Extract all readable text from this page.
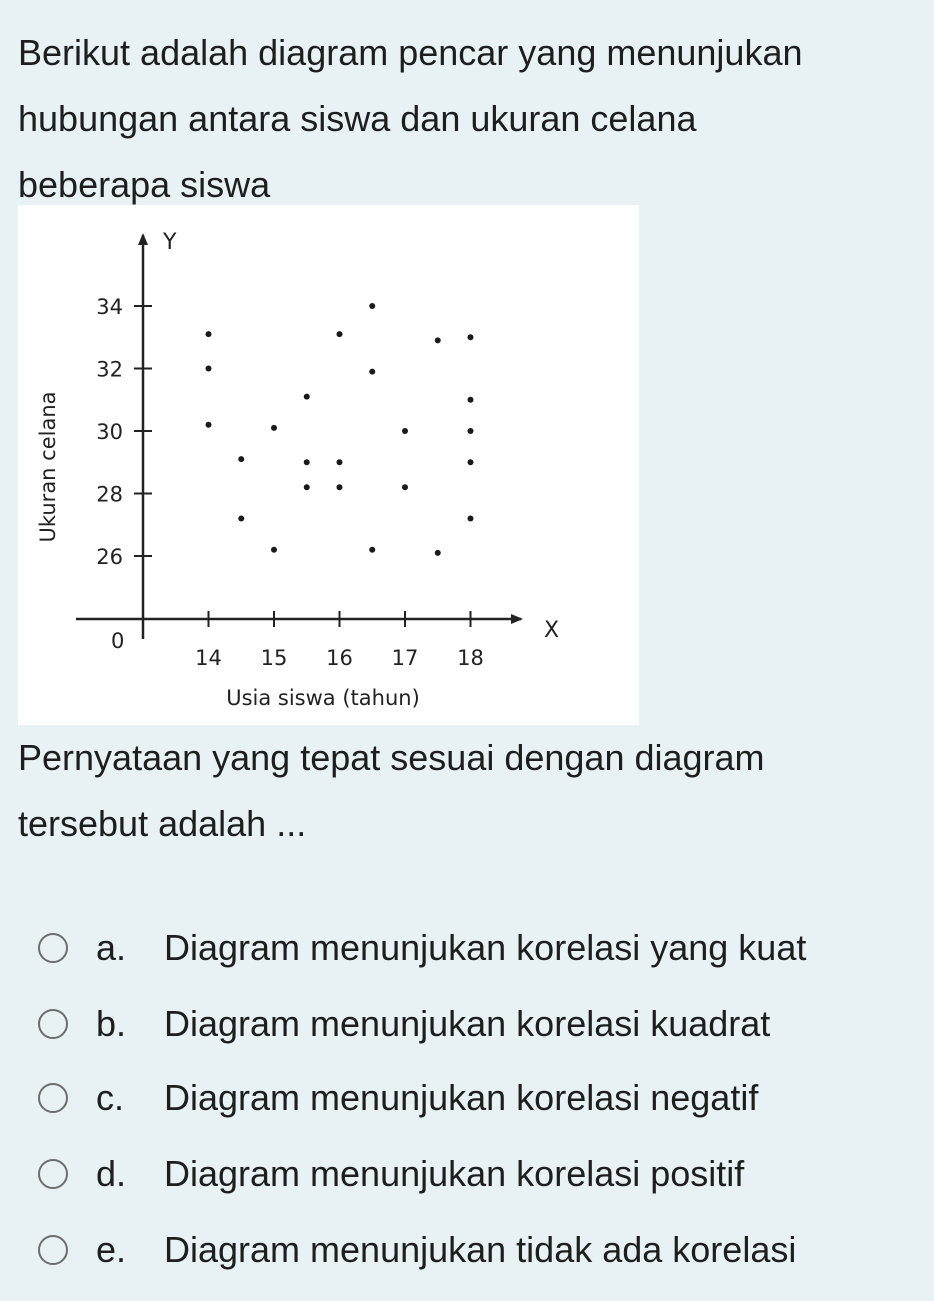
Berikut adalah diagram pencar yang menunjukan
hubungan antara siswa dan ukuran celana
beberapa siswa
Y
X
0
Usia siswa (tahun)
Ukuran celana
14 15 16 17 18
26
28
30
32
34

Pernyataan yang tepat sesuai dengan diagram
tersebut adalah ...

a.	Diagram menunjukan korelasi yang kuat
b.	Diagram menunjukan korelasi kuadrat
c.	Diagram menunjukan korelasi negatif
d.	Diagram menunjukan korelasi positif
e.	Diagram menunjukan tidak ada korelasi
